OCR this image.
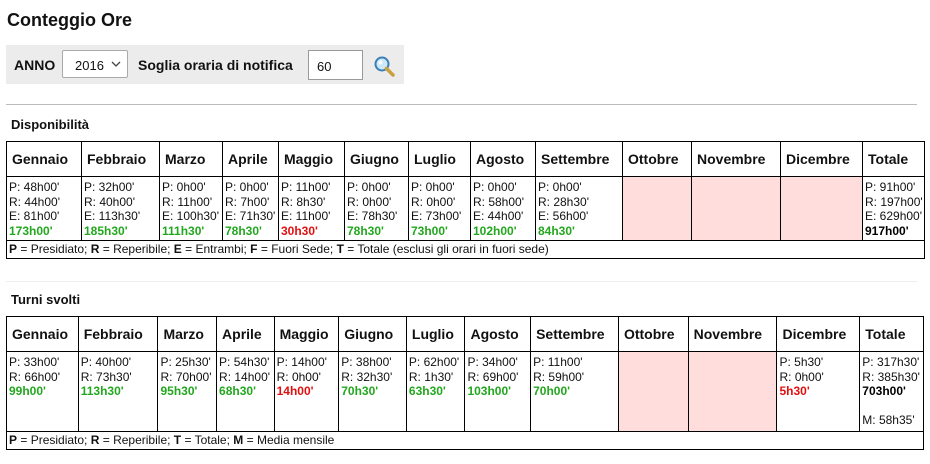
Conteggio Ore
ANNO 2016 Soglia oraria di notifica 60
Disponibilità
Gennaio	Febbraio	Marzo	Aprile	Maggio	Giugno	Luglio	Agosto	Settembre	Ottobre	Novembre	Dicembre	Totale

P: 48h00'
R: 44h00'
E: 81h00'
173h00'	P: 32h00'
R: 40h00'
E: 113h30'
185h30'	P: 0h00'
R: 11h00'
E: 100h30'
111h30'	P: 0h00'
R: 7h00'
E: 71h30'
78h30'	P: 11h00'
R: 8h30'
E: 11h00'
30h30'	P: 0h00'
R: 0h00'
E: 78h30'
78h30'	P: 0h00'
R: 0h00'
E: 73h00'
73h00'	P: 0h00'
R: 58h00'
E: 44h00'
102h00'	P: 0h00'
R: 28h30'
E: 56h00'
84h30'				P: 91h00'
R: 197h00'
E: 629h00'
917h00'

P = Presidiato; R = Reperibile; E = Entrambi; F = Fuori Sede; T = Totale (esclusi gli orari in fuori sede)												
Turni svolti
Gennaio	Febbraio	Marzo	Aprile	Maggio	Giugno	Luglio	Agosto	Settembre	Ottobre	Novembre	Dicembre	Totale

P: 33h00'
R: 66h00'
99h00'	P: 40h00'
R: 73h30'
113h30'	P: 25h30'
R: 70h00'
95h30'	P: 54h30'
R: 14h00'
68h30'	P: 14h00'
R: 0h00'
14h00'	P: 38h00'
R: 32h30'
70h30'	P: 62h00'
R: 1h30'
63h30'	P: 34h00'
R: 69h00'
103h00'	P: 11h00'
R: 59h00'
70h00'			P: 5h30'
R: 0h00'
5h30'	P: 317h30'
R: 385h30'
703h00'
M: 58h35'

P = Presidiato; R = Reperibile; T = Totale; M = Media mensile												
